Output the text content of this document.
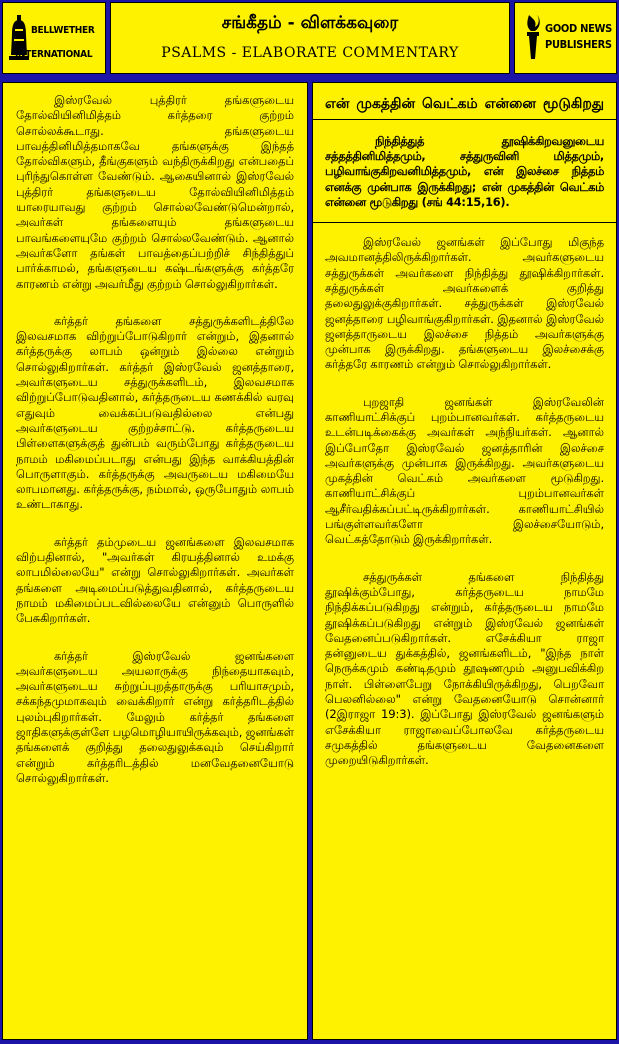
BELLWETHER
INTERNATIONAL
சங்கீதம் - விளக்கவுரை
PSALMS - ELABORATE COMMENTARY
GOOD NEWS
PUBLISHERS

இஸ்ரவேல் புத்திரர் தங்களுடைய தோல்வியினிமித்தம் கர்த்தரை குற்றம் சொல்லக்கூடாது. தங்களுடைய பாவத்தினிமித்தமாகவே தங்களுக்கு இந்தத் தோல்விகளும், தீங்குகளும் வந்திருக்கிறது என்பதைப் புரிந்துகொள்ள வேண்டும். ஆகையினால் இஸ்ரவேல் புத்திரர் தங்களுடைய தோல்வியினிமித்தம் யாரையாவது குற்றம் சொல்லவேண்டுமென்றால், அவர்கள் தங்களையும் தங்களுடைய பாவங்களையுமே குற்றம் சொல்லவேண்டும். ஆனால் அவர்களோ தங்கள் பாவத்தைப்பற்றிச் சிந்தித்துப் பார்க்காமல், தங்களுடைய கஷ்டங்களுக்கு கர்த்தரே காரணம் என்று அவர்மீது குற்றம் சொல்லுகிறார்கள்.

கர்த்தர் தங்களை சத்துருக்களிடத்திலே இலவசமாக விற்றுப்போடுகிறார் என்றும், இதனால் கர்த்தருக்கு லாபம் ஒன்றும் இல்லை என்றும் சொல்லுகிறார்கள். கர்த்தர் இஸ்ரவேல் ஜனத்தாரை, அவர்களுடைய சத்துருக்களிடம், இலவசமாக விற்றுப்போடுவதினால், கர்த்தருடைய கணக்கில் வரவு எதுவும் வைக்கப்படுவதில்லை என்பது அவர்களுடைய குற்றச்சாட்டு. கர்த்தருடைய பிள்ளைகளுக்குத் துன்பம் வரும்போது கர்த்தருடைய நாமம் மகிமைப்படாது என்பது இந்த வாக்கியத்தின் பொருளாகும். கர்த்தருக்கு அவருடைய மகிமையே லாபமானது. கர்த்தருக்கு, நம்மால், ஒருபோதும் லாபம் உண்டாகாது.

கர்த்தர் தம்முடைய ஜனங்களை இலவசமாக விற்பதினால், "அவர்கள் கிரயத்தினால் உமக்கு லாபமில்லையே" என்று சொல்லுகிறார்கள். அவர்கள் தங்களை அடிமைப்படுத்துவதினால், கர்த்தருடைய நாமம் மகிமைப்படவில்லையே என்னும் பொருளில் பேசுகிறார்கள்.

கர்த்தர் இஸ்ரவேல் ஜனங்களை அவர்களுடைய அயலாருக்கு நிந்தையாகவும், அவர்களுடைய சுற்றுப்புறத்தாருக்கு பரியாசமும், சக்கந்தமுமாகவும் வைக்கிறார் என்று கர்த்தரிடத்தில் புலம்புகிறார்கள். மேலும் கர்த்தர் தங்களை ஜாதிகளுக்குள்ளே பழமொழியாயிருக்கவும், ஜனங்கள் தங்களைக் குறித்து தலைதுலுக்கவும் செய்கிறார் என்றும் கர்த்தரிடத்தில் மனவேதனையோடு சொல்லுகிறார்கள்.

என் முகத்தின் வெட்கம் என்னை மூடுகிறது

நிந்தித்துத் தூஷிக்கிறவனுடைய சத்தத்தினிமித்தமும், சத்துருவினி மித்தமும், பழிவாங்குகிறவனிமித்தமும், என் இலச்சை நித்தம் எனக்கு முன்பாக இருக்கிறது; என் முகத்தின் வெட்கம் என்னை மூடுகிறது (சங் 44:15,16).

இஸ்ரவேல் ஜனங்கள் இப்போது மிகுந்த அவமானத்திலிருக்கிறார்கள். அவர்களுடைய சத்துருக்கள் அவர்களை நிந்தித்து தூஷிக்கிறார்கள். சத்துருக்கள் அவர்களைக் குறித்து தலைதுலுக்குகிறார்கள். சத்துருக்கள் இஸ்ரவேல் ஜனத்தாரை பழிவாங்குகிறார்கள். இதனால் இஸ்ரவேல் ஜனத்தாருடைய இலச்சை நித்தம் அவர்களுக்கு முன்பாக இருக்கிறது. தங்களுடைய இலச்சைக்கு கர்த்தரே காரணம் என்றும் சொல்லுகிறார்கள்.

புறஜாதி ஜனங்கள் இஸ்ரவேலின் காணியாட்சிக்குப் புறம்பானவர்கள். கர்த்தருடைய உடன்படிக்கைக்கு அவர்கள் அந்நியர்கள். ஆனால் இப்போதோ இஸ்ரவேல் ஜனத்தாரின் இலச்சை அவர்களுக்கு முன்பாக இருக்கிறது. அவர்களுடைய முகத்தின் வெட்கம் அவர்களை மூடுகிறது. காணியாட்சிக்குப் புறம்பானவர்கள் ஆசீர்வதிக்கப்பட்டிருக்கிறார்கள். காணியாட்சியில் பங்குள்ளவர்களோ இலச்சையோடும், வெட்கத்தோடும் இருக்கிறார்கள்.

சத்துருக்கள் தங்களை நிந்தித்து தூஷிக்கும்போது, கர்த்தருடைய நாமமே நிந்திக்கப்படுகிறது என்றும், கர்த்தருடைய நாமமே தூஷிக்கப்படுகிறது என்றும் இஸ்ரவேல் ஜனங்கள் வேதனைப்படுகிறார்கள். எசேக்கியா ராஜா தன்னுடைய துக்கத்தில், ஜனங்களிடம், "இந்த நாள் நெருக்கமும் கண்டிதமும் தூஷணமும் அனுபவிக்கிற நாள். பிள்ளைபேறு நோக்கியிருக்கிறது, பெறவோ பெலனில்லை" என்று வேதனையோடு சொன்னார் (2இராஜா 19:3). இப்போது இஸ்ரவேல் ஜனங்களும் எசேக்கியா ராஜாவைப்போலவே கர்த்தருடைய சமுகத்தில் தங்களுடைய வேதனைகளை முறையிடுகிறார்கள்.
